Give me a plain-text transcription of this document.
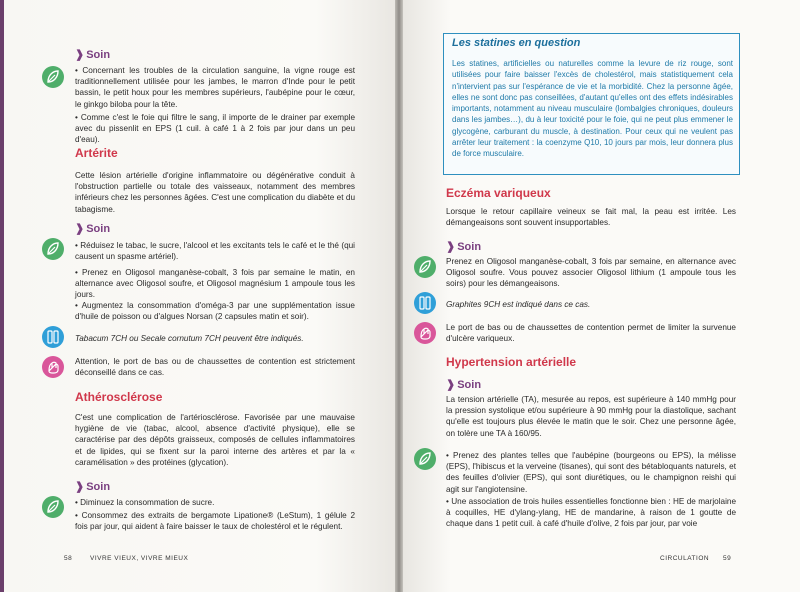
❱ Soin
• Concernant les troubles de la circulation sanguine, la vigne rouge est traditionnellement utilisée pour les jambes, le marron d'Inde pour le petit bassin, le petit houx pour les membres supérieurs, l'aubépine pour le cœur, le ginkgo biloba pour la tête.
• Comme c'est le foie qui filtre le sang, il importe de le drainer par exemple avec du pissenlit en EPS (1 cuil. à café 1 à 2 fois par jour dans un peu d'eau).
Artérite
Cette lésion artérielle d'origine inflammatoire ou dégénérative conduit à l'obstruction partielle ou totale des vaisseaux, notamment des membres inférieurs chez les personnes âgées. C'est une complication du diabète et du tabagisme.
❱ Soin
• Réduisez le tabac, le sucre, l'alcool et les excitants tels le café et le thé (qui causent un spasme artériel).
• Prenez en Oligosol manganèse-cobalt, 3 fois par semaine le matin, en alternance avec Oligosol soufre, et Oligosol magnésium 1 ampoule tous les jours.
• Augmentez la consommation d'oméga-3 par une supplémentation issue d'huile de poisson ou d'algues Norsan (2 capsules matin et soir).
Tabacum 7CH ou Secale cornutum 7CH peuvent être indiqués.
Attention, le port de bas ou de chaussettes de contention est strictement déconseillé dans ce cas.
Athérosclérose
C'est une complication de l'artériosclérose. Favorisée par une mauvaise hygiène de vie (tabac, alcool, absence d'activité physique), elle se caractérise par des dépôts graisseux, composés de cellules inflammatoires et de lipides, qui se fixent sur la paroi interne des artères et par la « caramélisation » des protéines (glycation).
❱ Soin
• Diminuez la consommation de sucre.
• Consommez des extraits de bergamote Lipatione® (LeStum), 1 gélule 2 fois par jour, qui aident à faire baisser le taux de cholestérol et le régulent.
58	VIVRE VIEUX, VIVRE MIEUX
Les statines en question
Les statines, artificielles ou naturelles comme la levure de riz rouge, sont utilisées pour faire baisser l'excès de cholestérol, mais statistiquement cela n'intervient pas sur l'espérance de vie et la morbidité. Chez la personne âgée, elles ne sont donc pas conseillées, d'autant qu'elles ont des effets indésirables importants, notamment au niveau musculaire (lombalgies chroniques, douleurs dans les jambes…), du à leur toxicité pour le foie, qui ne peut plus emmener le glycogène, carburant du muscle, à destination. Pour ceux qui ne veulent pas arrêter leur traitement : la coenzyme Q10, 10 jours par mois, leur donnera plus de force musculaire.
Eczéma variqueux
Lorsque le retour capillaire veineux se fait mal, la peau est irritée. Les démangeaisons sont souvent insupportables.
❱ Soin
Prenez en Oligosol manganèse-cobalt, 3 fois par semaine, en alternance avec Oligosol soufre. Vous pouvez associer Oligosol lithium (1 ampoule tous les soirs) pour les démangeaisons.
Graphites 9CH est indiqué dans ce cas.
Le port de bas ou de chaussettes de contention permet de limiter la survenue d'ulcère variqueux.
Hypertension artérielle
❱ Soin
La tension artérielle (TA), mesurée au repos, est supérieure à 140 mmHg pour la pression systolique et/ou supérieure à 90 mmHg pour la diastolique, sachant qu'elle est toujours plus élevée le matin que le soir. Chez une personne âgée, on tolère une TA à 160/95.
• Prenez des plantes telles que l'aubépine (bourgeons ou EPS), la mélisse (EPS), l'hibiscus et la verveine (tisanes), qui sont des bétabloquants naturels, et des feuilles d'olivier (EPS), qui sont diurétiques, ou le champignon reishi qui agit sur l'angiotensine.
• Une association de trois huiles essentielles fonctionne bien : HE de marjolaine à coquilles, HE d'ylang-ylang, HE de mandarine, à raison de 1 goutte de chaque dans 1 petit cuil. à café d'huile d'olive, 2 fois par jour, par voie
CIRCULATION 59
